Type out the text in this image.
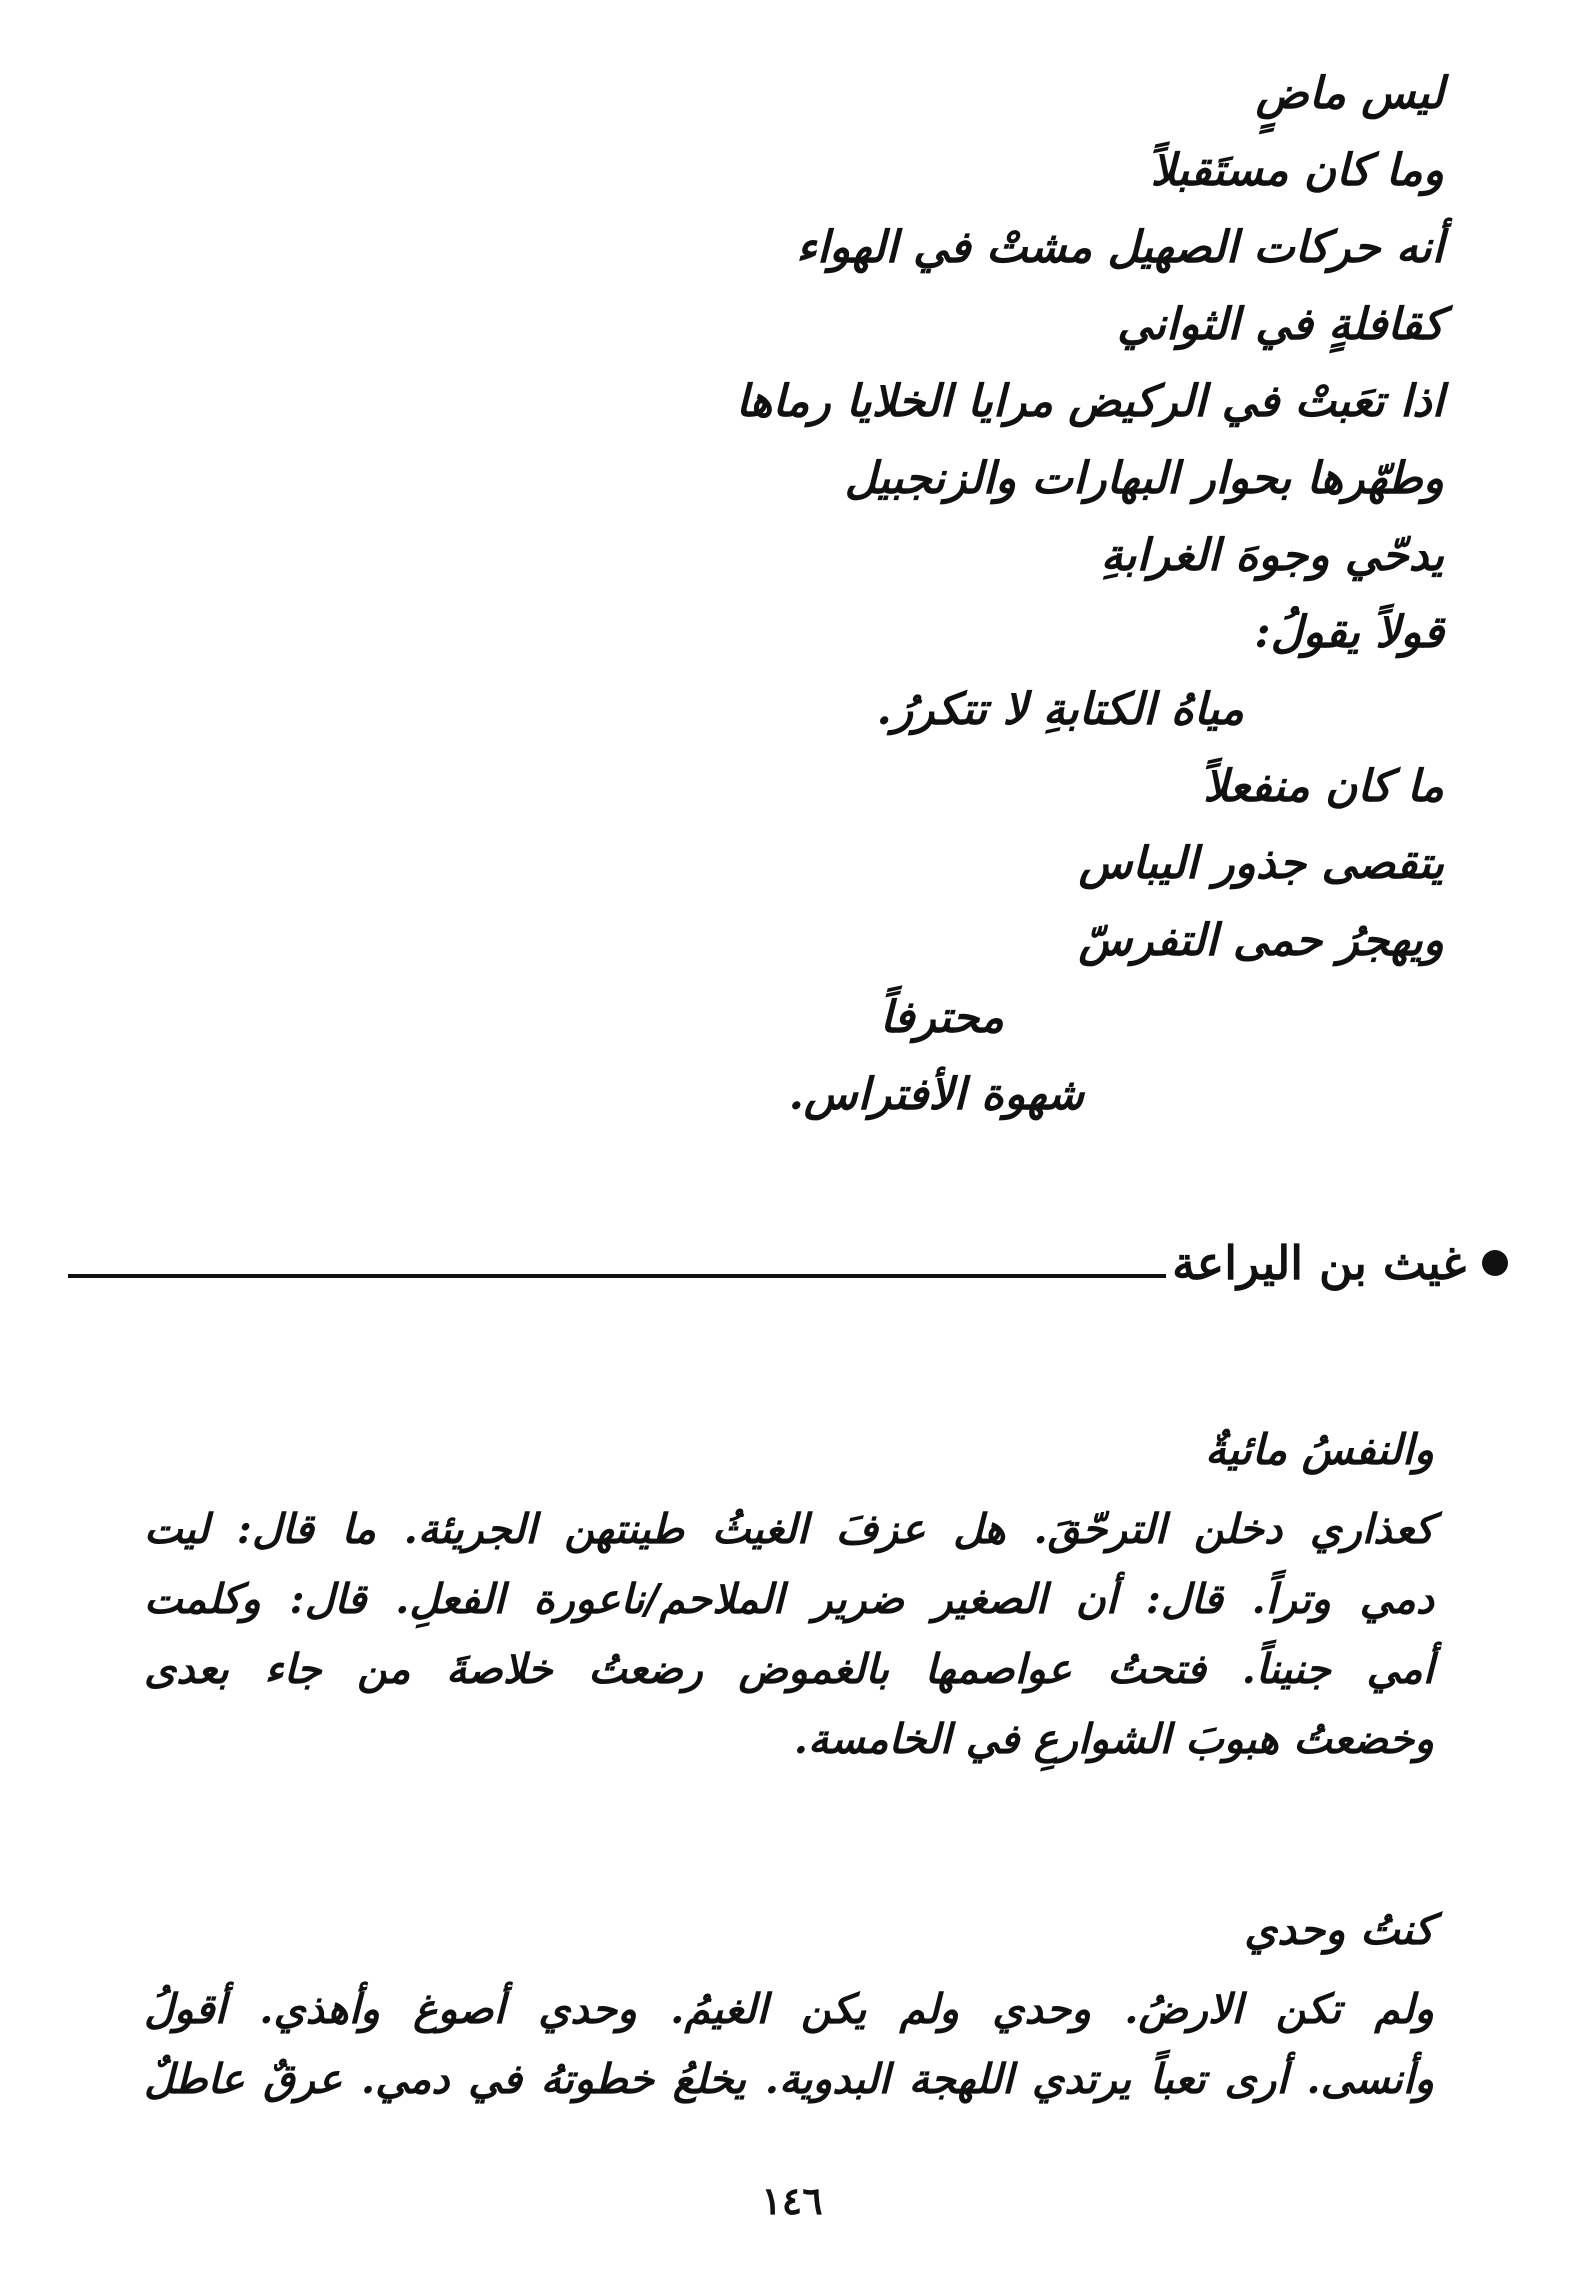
ليس ماضٍ
وما كان مستَقبلاً
أنه حركات الصهيل مشتْ في الهواء
كقافلةٍ في الثواني
اذا تعَبتْ في الركيض مرايا الخلايا رماها
وطهّرها بحوار البهارات والزنجبيل
يدحّي وجوهَ الغرابةِ
قولاً يقولُ:
مياهُ الكتابةِ لا تتكررُ.
ما كان منفعلاً
يتقصى جذور اليباس
ويهجرُ حمى التفرسّ
محترفاً
شهوة الأفتراس.
غيث بن اليراعة
والنفسُ مائيةٌ
كعذاري دخلن الترحّقَ. هل عزفَ الغيثُ طينتهن الجريئة. ما قال: ليت
دمي وتراً. قال: أن الصغير ضرير الملاحم/ناعورة الفعلِ. قال: وكلمت
أمي جنيناً. فتحتُ عواصمها بالغموض رضعتُ خلاصةَ من جاء بعدى
وخضعتُ هبوبَ الشوارعِ في الخامسة.
كنتُ وحدي
ولم تكن الارضُ. وحدي ولم يكن الغيمُ. وحدي أصوغ وأهذي. أقولُ
وأنسى. أرى تعباً يرتدي اللهجة البدوية. يخلعُ خطوتهُ في دمي. عرقٌ عاطلٌ
١٤٦
